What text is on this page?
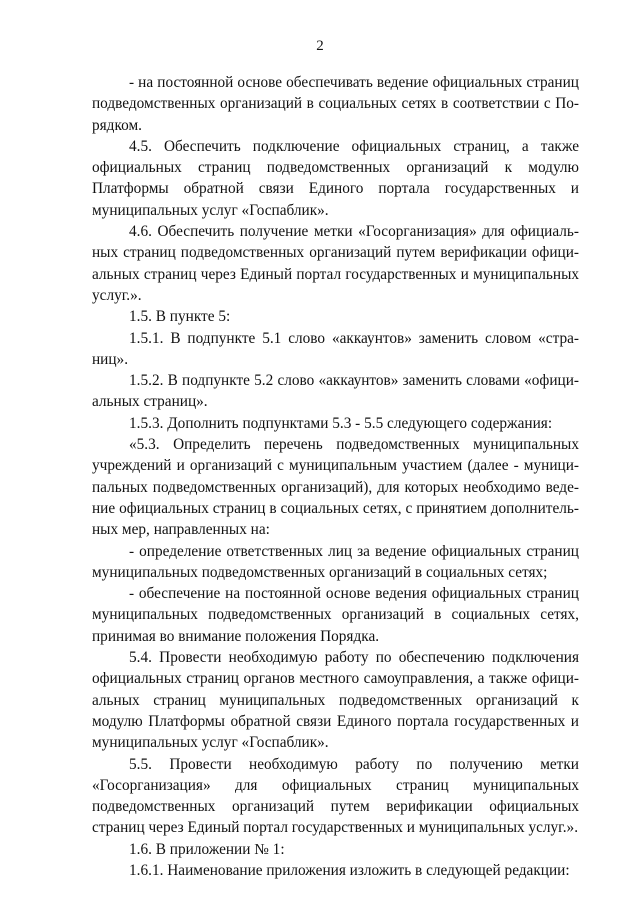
2

- на постоянной основе обеспечивать ведение официальных страниц подведомственных организаций в социальных сетях в соответствии с Порядком.

4.5. Обеспечить подключение официальных страниц, а также официальных страниц подведомственных организаций к модулю Платформы обратной связи Единого портала государственных и муниципальных услуг «Госпаблик».

4.6. Обеспечить получение метки «Госорганизация» для официальных страниц подведомственных организаций путем верификации официальных страниц через Единый портал государственных и муниципальных услуг.».

1.5. В пункте 5:

1.5.1. В подпункте 5.1 слово «аккаунтов» заменить словом «страниц».

1.5.2. В подпункте 5.2 слово «аккаунтов» заменить словами «официальных страниц».

1.5.3. Дополнить подпунктами 5.3 - 5.5 следующего содержания:

«5.3. Определить перечень подведомственных муниципальных учреждений и организаций с муниципальным участием (далее - муниципальных подведомственных организаций), для которых необходимо ведение официальных страниц в социальных сетях, с принятием дополнительных мер, направленных на:

- определение ответственных лиц за ведение официальных страниц муниципальных подведомственных организаций в социальных сетях;

- обеспечение на постоянной основе ведения официальных страниц муниципальных подведомственных организаций в социальных сетях, принимая во внимание положения Порядка.

5.4. Провести необходимую работу по обеспечению подключения официальных страниц органов местного самоуправления, а также официальных страниц муниципальных подведомственных организаций к модулю Платформы обратной связи Единого портала государственных и муниципальных услуг «Госпаблик».

5.5. Провести необходимую работу по получению метки «Госорганизация» для официальных страниц муниципальных подведомственных организаций путем верификации официальных страниц через Единый портал государственных и муниципальных услуг.».

1.6. В приложении № 1:

1.6.1. Наименование приложения изложить в следующей редакции:
